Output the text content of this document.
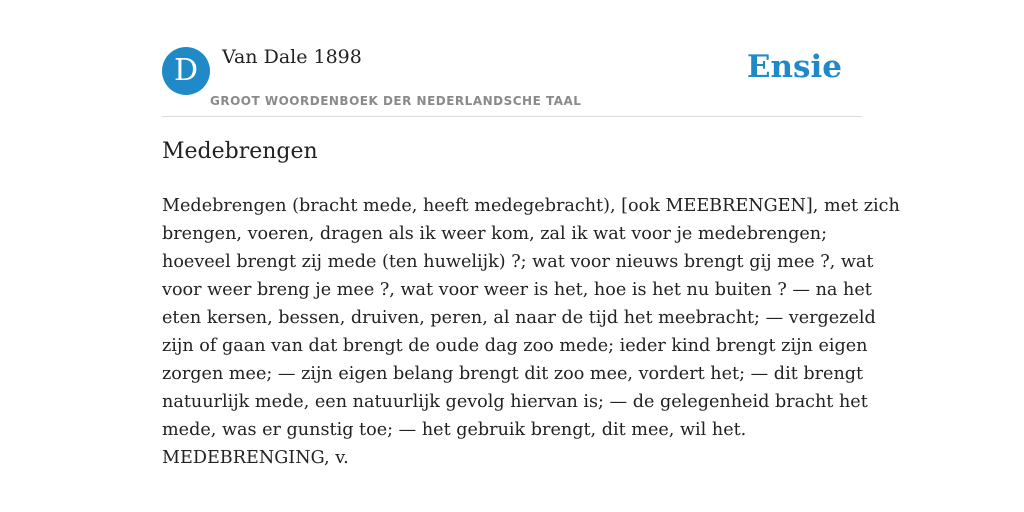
D	Van Dale 1898
GROOT WOORDENBOEK DER NEDERLANDSCHE TAAL
Ensie
Medebrengen
Medebrengen (bracht mede, heeft medegebracht), [ook MEEBRENGEN], met zich
brengen, voeren, dragen als ik weer kom, zal ik wat voor je medebrengen;
hoeveel brengt zij mede (ten huwelijk) ?; wat voor nieuws brengt gij mee ?, wat
voor weer breng je mee ?, wat voor weer is het, hoe is het nu buiten ? — na het
eten kersen, bessen, druiven, peren, al naar de tijd het meebracht; — vergezeld
zijn of gaan van dat brengt de oude dag zoo mede; ieder kind brengt zijn eigen
zorgen mee; — zijn eigen belang brengt dit zoo mee, vordert het; — dit brengt
natuurlijk mede, een natuurlijk gevolg hiervan is; — de gelegenheid bracht het
mede, was er gunstig toe; — het gebruik brengt, dit mee, wil het.
MEDEBRENGING, v.
